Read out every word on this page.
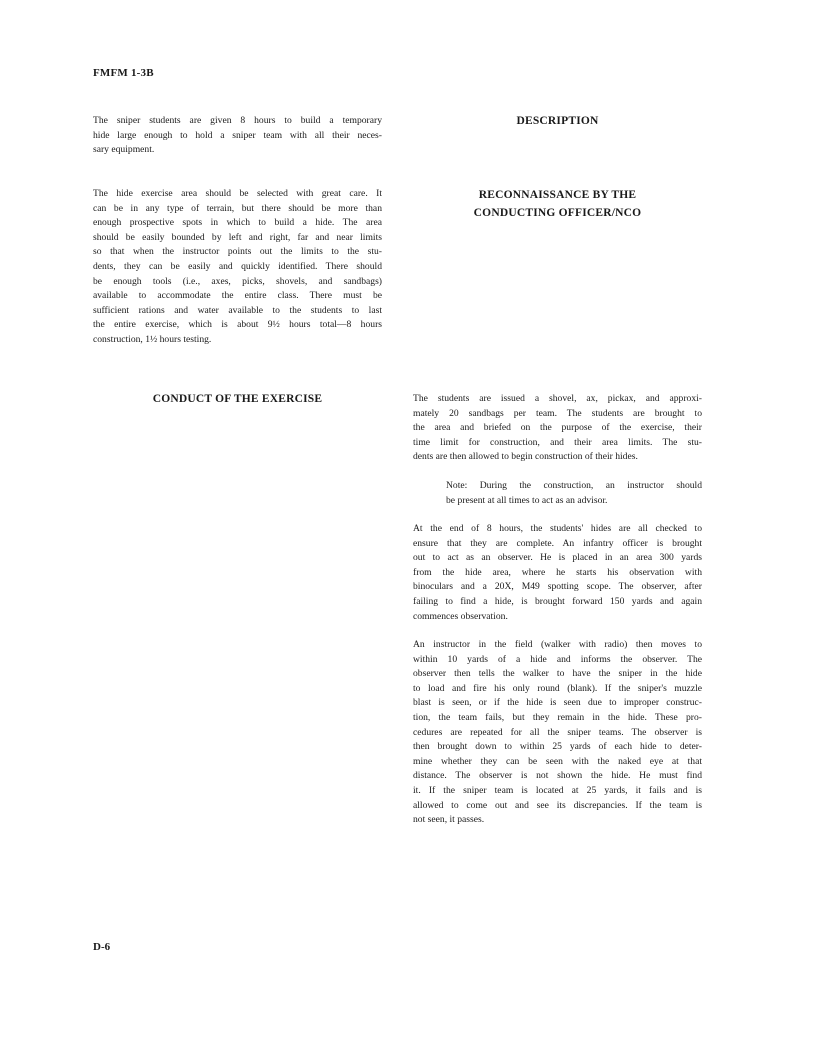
FMFM 1-3B
The sniper students are given 8 hours to build a temporary
hide large enough to hold a sniper team with all their neces-
sary equipment.
The hide exercise area should be selected with great care. It
can be in any type of terrain, but there should be more than
enough prospective spots in which to build a hide. The area
should be easily bounded by left and right, far and near limits
so that when the instructor points out the limits to the stu-
dents, they can be easily and quickly identified. There should
be enough tools (i.e., axes, picks, shovels, and sandbags)
available to accommodate the entire class. There must be
sufficient rations and water available to the students to last
the entire exercise, which is about 9½ hours total—8 hours
construction, 1½ hours testing.
CONDUCT OF THE EXERCISE
DESCRIPTION
RECONNAISSANCE BY THE
CONDUCTING OFFICER/NCO
The students are issued a shovel, ax, pickax, and approxi-
mately 20 sandbags per team. The students are brought to
the area and briefed on the purpose of the exercise, their
time limit for construction, and their area limits. The stu-
dents are then allowed to begin construction of their hides.
Note: During the construction, an instructor should
be present at all times to act as an advisor.
At the end of 8 hours, the students' hides are all checked to
ensure that they are complete. An infantry officer is brought
out to act as an observer. He is placed in an area 300 yards
from the hide area, where he starts his observation with
binoculars and a 20X, M49 spotting scope. The observer, after
failing to find a hide, is brought forward 150 yards and again
commences observation.
An instructor in the field (walker with radio) then moves to
within 10 yards of a hide and informs the observer. The
observer then tells the walker to have the sniper in the hide
to load and fire his only round (blank). If the sniper's muzzle
blast is seen, or if the hide is seen due to improper construc-
tion, the team fails, but they remain in the hide. These pro-
cedures are repeated for all the sniper teams. The observer is
then brought down to within 25 yards of each hide to deter-
mine whether they can be seen with the naked eye at that
distance. The observer is not shown the hide. He must find
it. If the sniper team is located at 25 yards, it fails and is
allowed to come out and see its discrepancies. If the team is
not seen, it passes.
D-6
